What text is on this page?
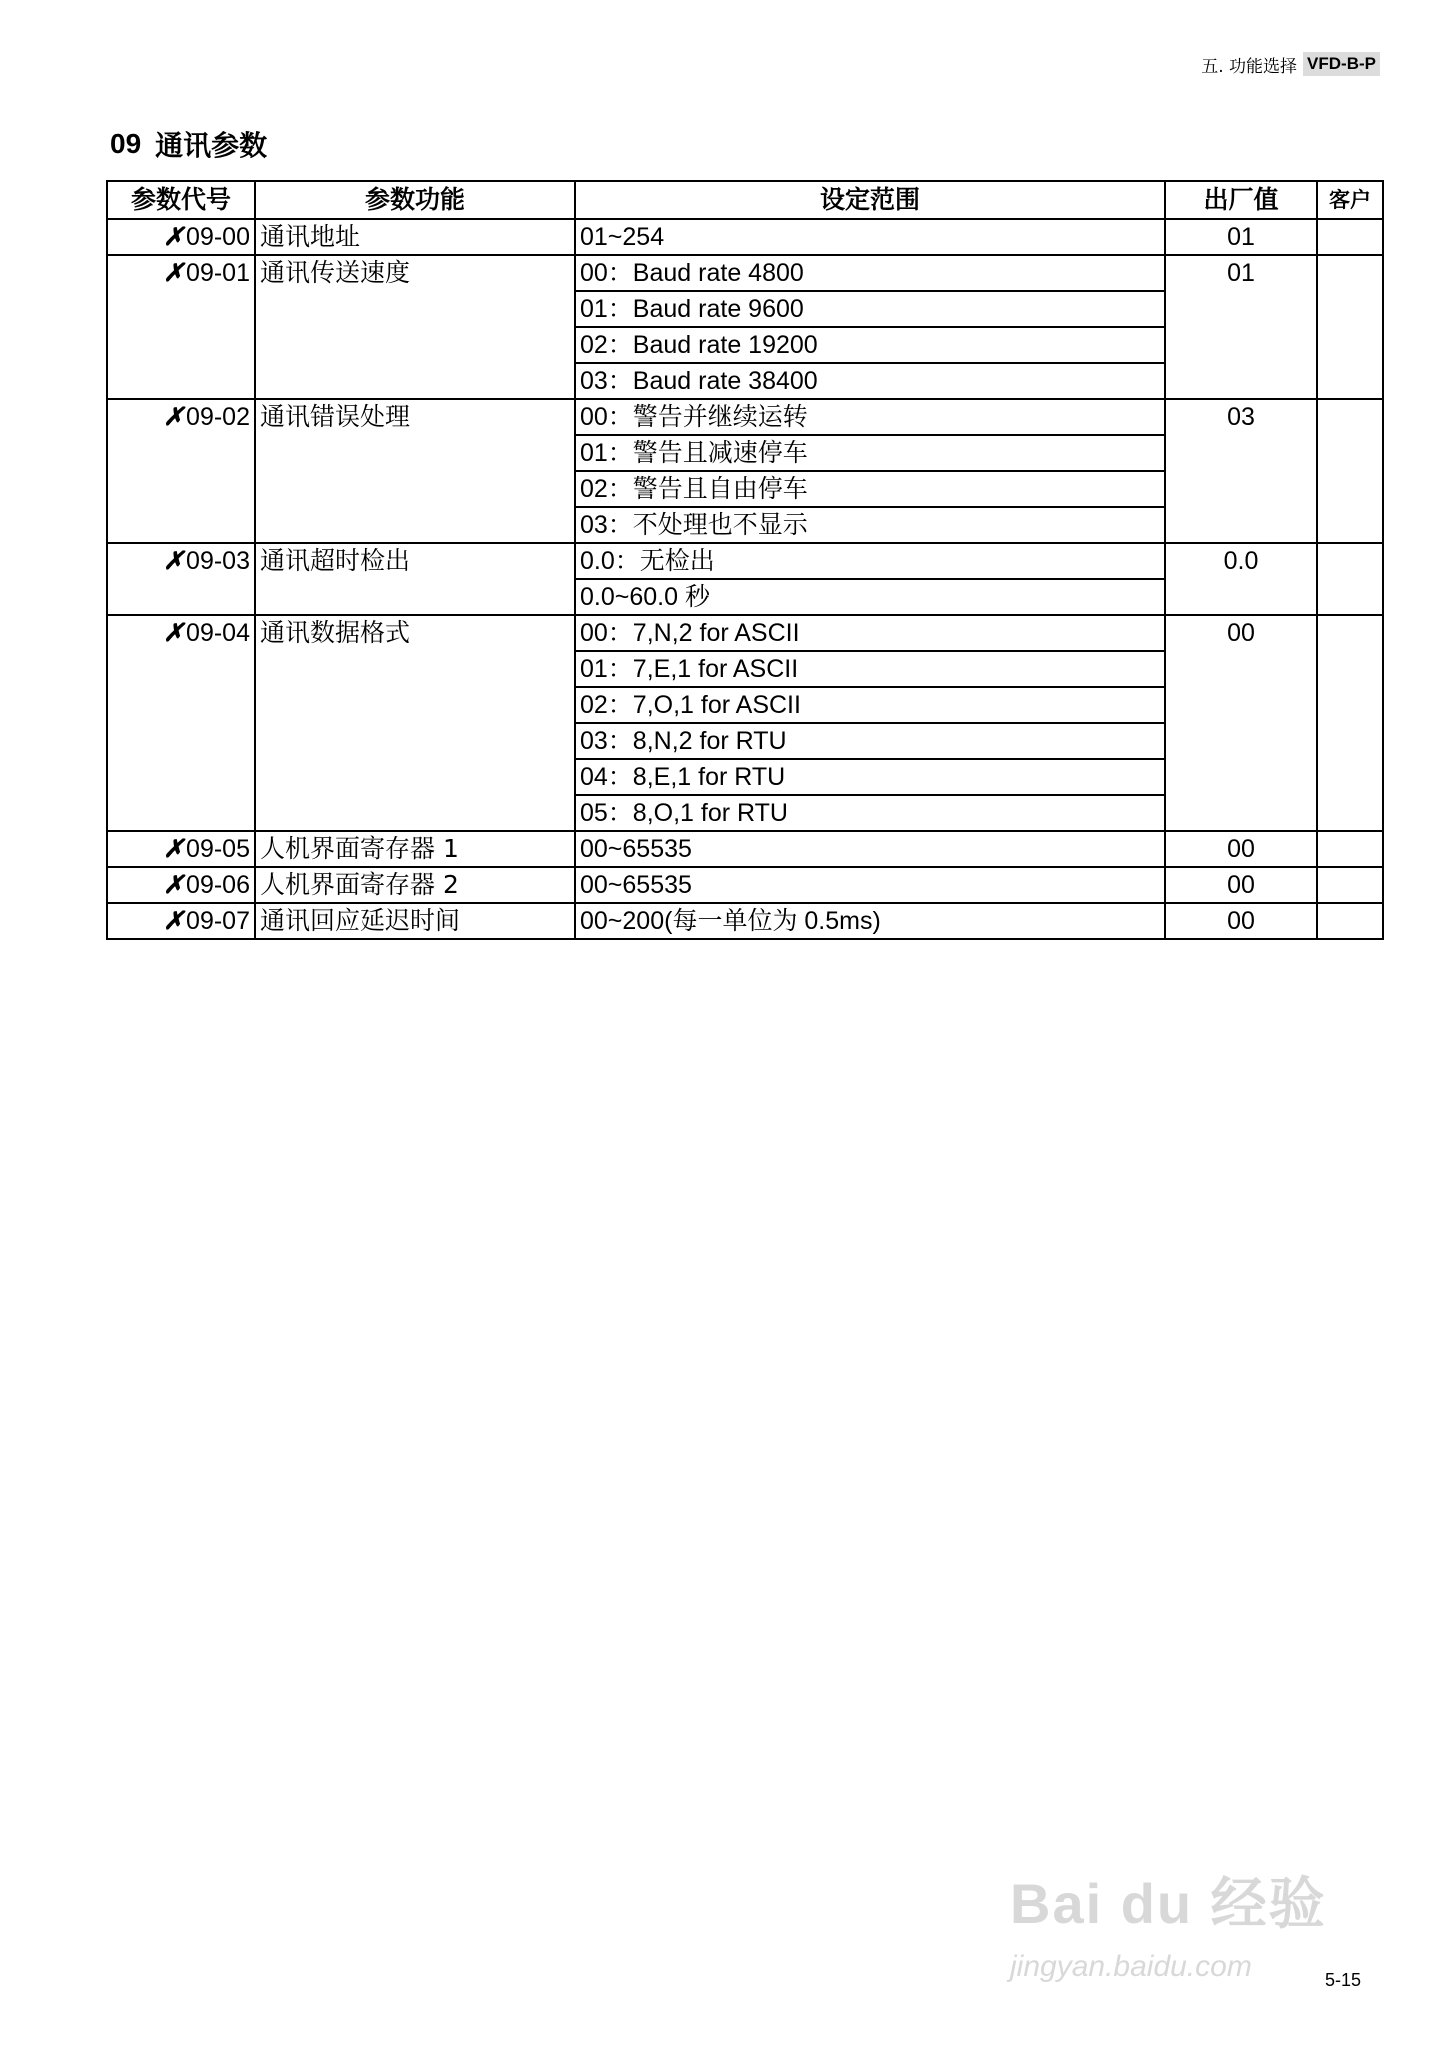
五. 功能选择 VFD-B-P
09 通讯参数
参数代号	参数功能	设定范围	出厂值	客户
✗09-00	通讯地址	01~254	01	
✗09-01	通讯传送速度	00：Baud rate 4800	01	
		01：Baud rate 9600		
		02：Baud rate 19200		
		03：Baud rate 38400		
✗09-02	通讯错误处理	00：警告并继续运转	03	
		01：警告且减速停车		
		02：警告且自由停车		
		03：不处理也不显示		
✗09-03	通讯超时检出	0.0：无检出	0.0	
		0.0~60.0 秒		
✗09-04	通讯数据格式	00：7,N,2 for ASCII	00	
		01：7,E,1 for ASCII		
		02：7,O,1 for ASCII		
		03：8,N,2 for RTU		
		04：8,E,1 for RTU		
		05：8,O,1 for RTU		
✗09-05	人机界面寄存器 1	00~65535	00	
✗09-06	人机界面寄存器 2	00~65535	00	
✗09-07	通讯回应延迟时间	00~200(每一单位为 0.5ms)	00	
Bai du 经验
jingyan.baidu.com	5-15
